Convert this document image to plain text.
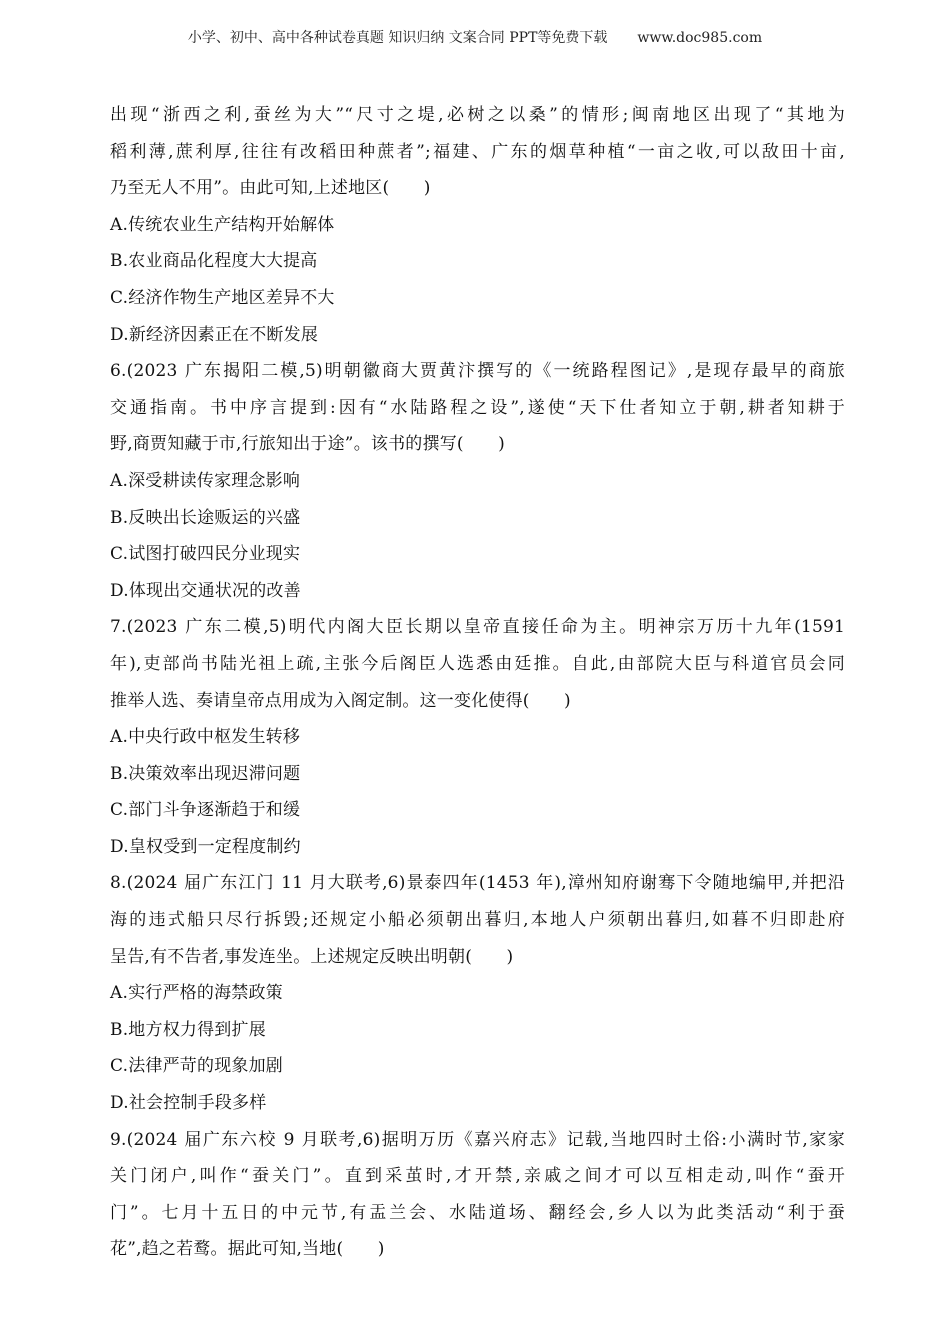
小学、初中、高中各种试卷真题 知识归纳 文案合同 PPT等免费下载 www.doc985.com
出现“浙西之利,蚕丝为大”“尺寸之堤,必树之以桑”的情形;闽南地区出现了“其地为
稻利薄,蔗利厚,往往有改稻田种蔗者”;福建、广东的烟草种植“一亩之收,可以敌田十亩,
乃至无人不用”。由此可知,上述地区(　　)
A.传统农业生产结构开始解体
B.农业商品化程度大大提高
C.经济作物生产地区差异不大
D.新经济因素正在不断发展
6.(2023 广东揭阳二模,5)明朝徽商大贾黄汴撰写的《一统路程图记》,是现存最早的商旅
交通指南。书中序言提到:因有“水陆路程之设”,遂使“天下仕者知立于朝,耕者知耕于
野,商贾知藏于市,行旅知出于途”。该书的撰写(　　)
A.深受耕读传家理念影响
B.反映出长途贩运的兴盛
C.试图打破四民分业现实
D.体现出交通状况的改善
7.(2023 广东二模,5)明代内阁大臣长期以皇帝直接任命为主。明神宗万历十九年(1591
年),吏部尚书陆光祖上疏,主张今后阁臣人选悉由廷推。自此,由部院大臣与科道官员会同
推举人选、奏请皇帝点用成为入阁定制。这一变化使得(　　)
A.中央行政中枢发生转移
B.决策效率出现迟滞问题
C.部门斗争逐渐趋于和缓
D.皇权受到一定程度制约
8.(2024 届广东江门 11 月大联考,6)景泰四年(1453 年),漳州知府谢骞下令随地编甲,并把沿
海的违式船只尽行拆毁;还规定小船必须朝出暮归,本地人户须朝出暮归,如暮不归即赴府
呈告,有不告者,事发连坐。上述规定反映出明朝(　　)
A.实行严格的海禁政策
B.地方权力得到扩展
C.法律严苛的现象加剧
D.社会控制手段多样
9.(2024 届广东六校 9 月联考,6)据明万历《嘉兴府志》记载,当地四时土俗:小满时节,家家
关门闭户,叫作“蚕关门”。直到采茧时,才开禁,亲戚之间才可以互相走动,叫作“蚕开
门”。七月十五日的中元节,有盂兰会、水陆道场、翻经会,乡人以为此类活动“利于蚕
花”,趋之若鹜。据此可知,当地(　　)
